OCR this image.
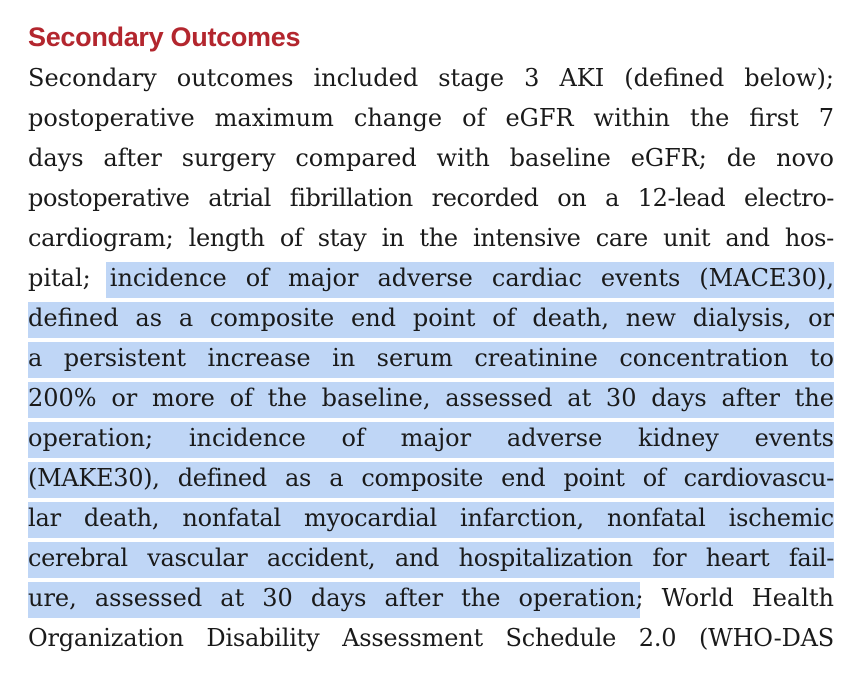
Secondary Outcomes
Secondary outcomes included stage 3 AKI (defined below);
postoperative maximum change of eGFR within the first 7
days after surgery compared with baseline eGFR; de novo
postoperative atrial fibrillation recorded on a 12-lead electro-
cardiogram; length of stay in the intensive care unit and hos-
pital; incidence of major adverse cardiac events (MACE30),
defined as a composite end point of death, new dialysis, or
a persistent increase in serum creatinine concentration to
200% or more of the baseline, assessed at 30 days after the
operation; incidence of major adverse kidney events
(MAKE30), defined as a composite end point of cardiovascu-
lar death, nonfatal myocardial infarction, nonfatal ischemic
cerebral vascular accident, and hospitalization for heart fail-
ure, assessed at 30 days after the operation; World Health
Organization Disability Assessment Schedule 2.0 (WHO-DAS
